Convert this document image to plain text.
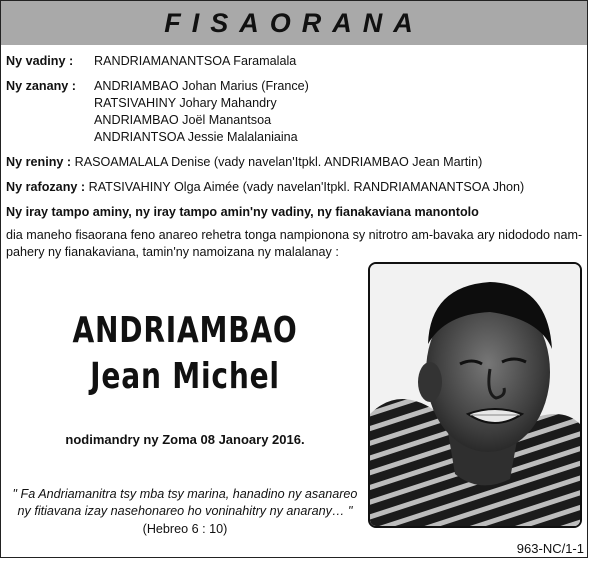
FISAORANA
Ny vadiny : RANDRIAMANANTSOA Faramalala
Ny zanany : ANDRIAMBAO Johan Marius (France)
RATSIVAHINY Johary Mahandry
ANDRIAMBAO Joël Manantsoa
ANDRIANTSOA Jessie Malalaniaina
Ny reniny : RASOAMALALA Denise (vady navelan'Itpkl. ANDRIAMBAO Jean Martin)
Ny rafozany : RATSIVAHINY Olga Aimée (vady navelan'Itpkl. RANDRIAMANANTSOA Jhon)
Ny iray tampo aminy, ny iray tampo amin'ny vadiny, ny fianakaviana manontolo
dia maneho fisaorana feno anareo rehetra tonga nampionona sy nitrotro am-bavaka ary nidododo nam-
pahery ny fianakaviana, tamin'ny namoizana ny malalanay :
ANDRIAMBAO
Jean Michel
nodimandry ny Zoma 08 Janoary 2016.
" Fa Andriamanitra tsy mba tsy marina, hanadino ny asanareo
ny fitiavana izay nasehonareo ho voninahitry ny anarany… "
(Hebreo 6 : 10)
963-NC/1-1
